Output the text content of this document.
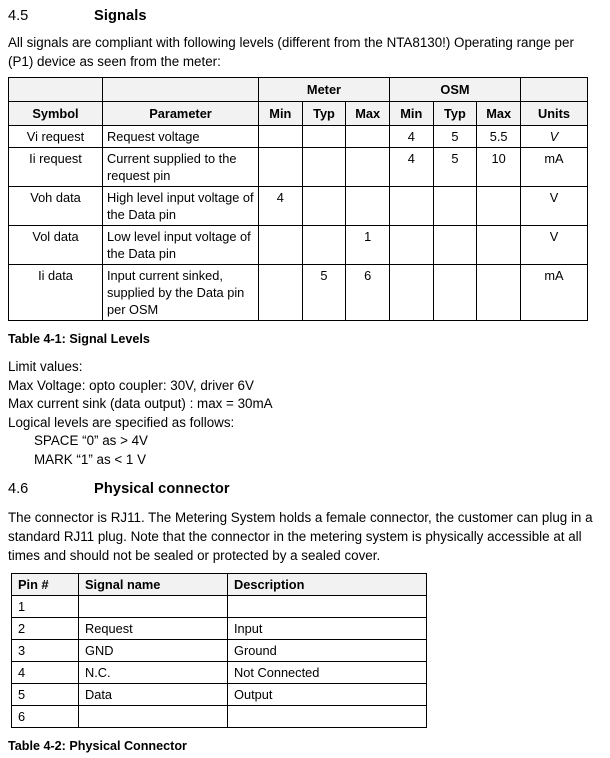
4.5	Signals
All signals are compliant with following levels (different from the NTA8130!) Operating range per (P1) device as seen from the meter:
		Meter			OSM			
Symbol	Parameter	Min	Typ	Max	Min	Typ	Max	Units
Vi request	Request voltage				4	5	5.5	V
Ii request	Current supplied to the request pin				4	5	10	mA
Voh data	High level input voltage of the Data pin	4						V
Vol data	Low level input voltage of the Data pin			1				V
Ii data	Input current sinked, supplied by the Data pin per OSM		5	6				mA
Table 4-1: Signal Levels
Limit values:
Max Voltage: opto coupler: 30V, driver 6V
Max current sink (data output) : max = 30mA
Logical levels are specified as follows:
SPACE “0” as > 4V
MARK “1” as < 1 V
4.6	Physical connector
The connector is RJ11. The Metering System holds a female connector, the customer can plug in a standard RJ11 plug. Note that the connector in the metering system is physically accessible at all times and should not be sealed or protected by a sealed cover.
Pin #	Signal name	Description
1		
2	Request	Input
3	GND	Ground
4	N.C.	Not Connected
5	Data	Output
6		
Table 4-2: Physical Connector
